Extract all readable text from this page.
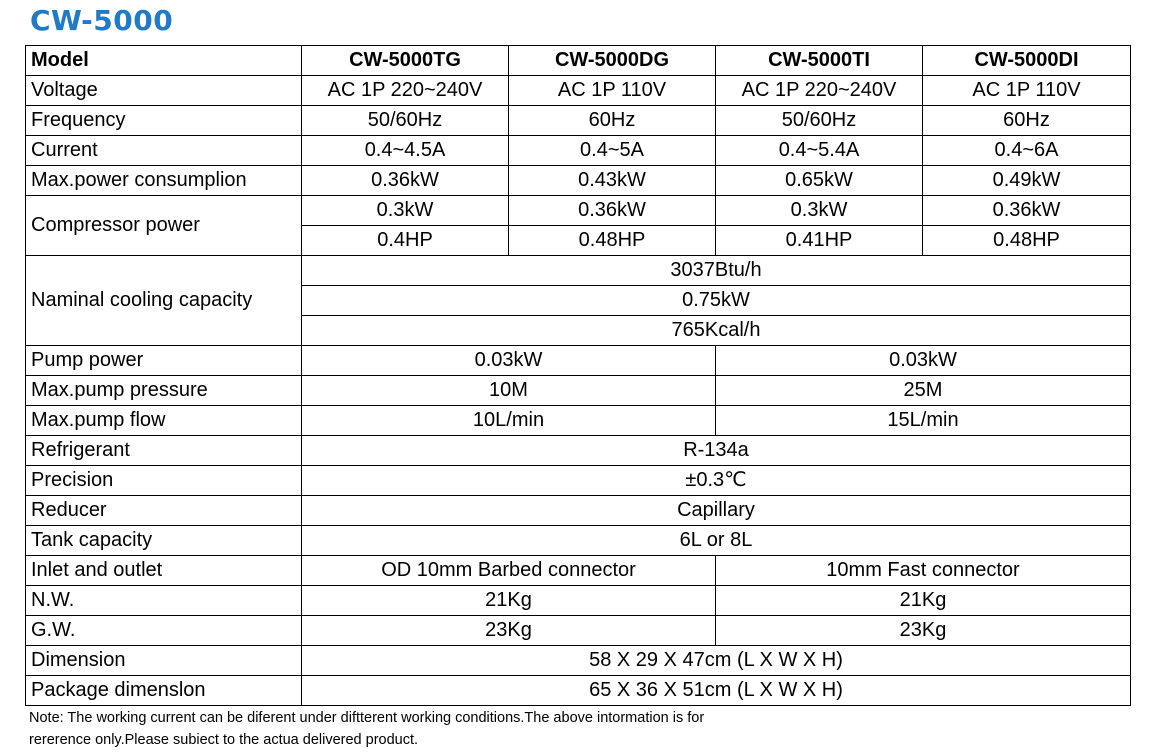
CW-5000
Model	CW-5000TG	CW-5000DG	CW-5000TI	CW-5000DI
Voltage	AC 1P 220~240V	AC 1P 110V	AC 1P 220~240V	AC 1P 110V
Frequency	50/60Hz	60Hz	50/60Hz	60Hz
Current	0.4~4.5A	0.4~5A	0.4~5.4A	0.4~6A
Max.power consumplion	0.36kW	0.43kW	0.65kW	0.49kW
Compressor power	0.3kW	0.36kW	0.3kW	0.36kW
	0.4HP	0.48HP	0.41HP	0.48HP
Naminal cooling capacity	3037Btu/h			
	0.75kW			
	765Kcal/h			
Pump power	0.03kW		0.03kW	
Max.pump pressure	10M		25M	
Max.pump flow	10L/min		15L/min	
Refrigerant	R-134a			
Precision	±0.3℃			
Reducer	Capillary			
Tank capacity	6L or 8L			
Inlet and outlet	OD 10mm Barbed connector		10mm Fast connector	
N.W.	21Kg		21Kg	
G.W.	23Kg		23Kg	
Dimension	58 X 29 X 47cm (L X W X H)			
Package dimenslon	65 X 36 X 51cm (L X W X H)			
Note: The working current can be diferent under diftterent working conditions.The above intormation is for
rererence only.Please subiect to the actua delivered product.
